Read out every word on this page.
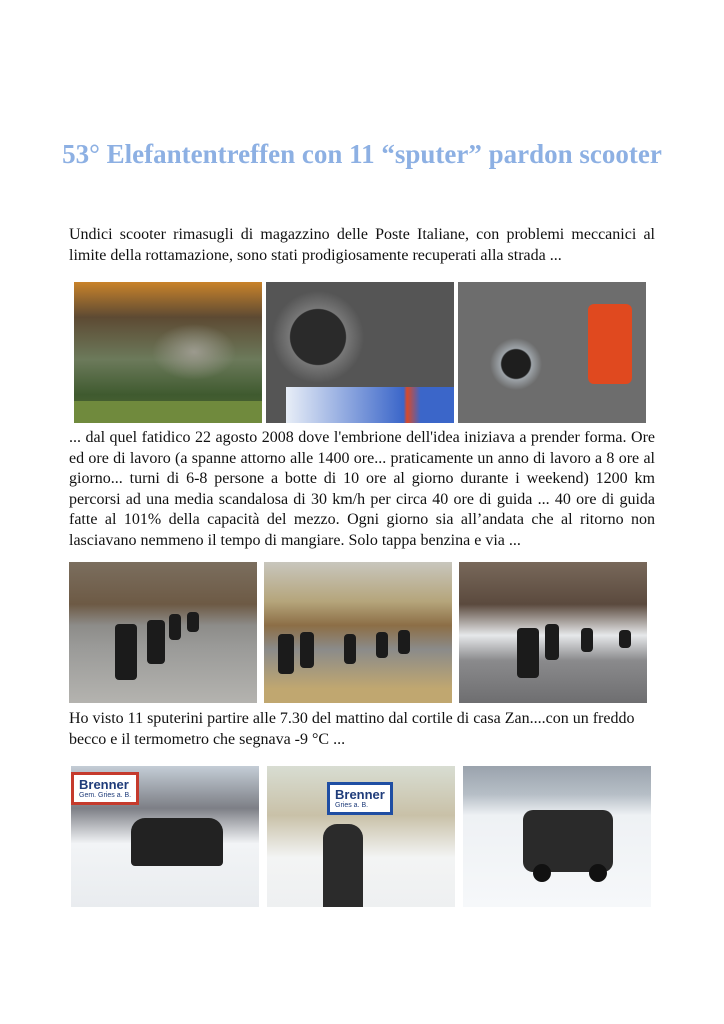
53° Elefantentreffen con 11 “sputer” pardon scooter

Undici scooter rimasugli di magazzino delle Poste Italiane, con problemi meccanici al limite della rottamazione, sono stati prodigiosamente recuperati alla strada ...

... dal quel fatidico 22 agosto 2008 dove l'embrione dell'idea iniziava a prender forma. Ore ed ore di lavoro (a spanne attorno alle 1400 ore... praticamente un anno di lavoro a 8 ore al giorno... turni di 6-8 persone a botte di 10 ore al giorno durante i weekend) 1200 km percorsi ad una media scandalosa di 30 km/h per circa 40 ore di guida ... 40 ore di guida fatte al 101% della capacità del mezzo. Ogni giorno sia all’andata che al ritorno non lasciavano nemmeno il tempo di mangiare. Solo tappa benzina e via ...

Ho visto 11 sputerini partire alle 7.30 del mattino dal cortile di casa Zan....con un freddo becco e il termometro che segnava -9 °C ...

Brenner
Gem. Gries a. B.	Brenner
Gries a. B.
